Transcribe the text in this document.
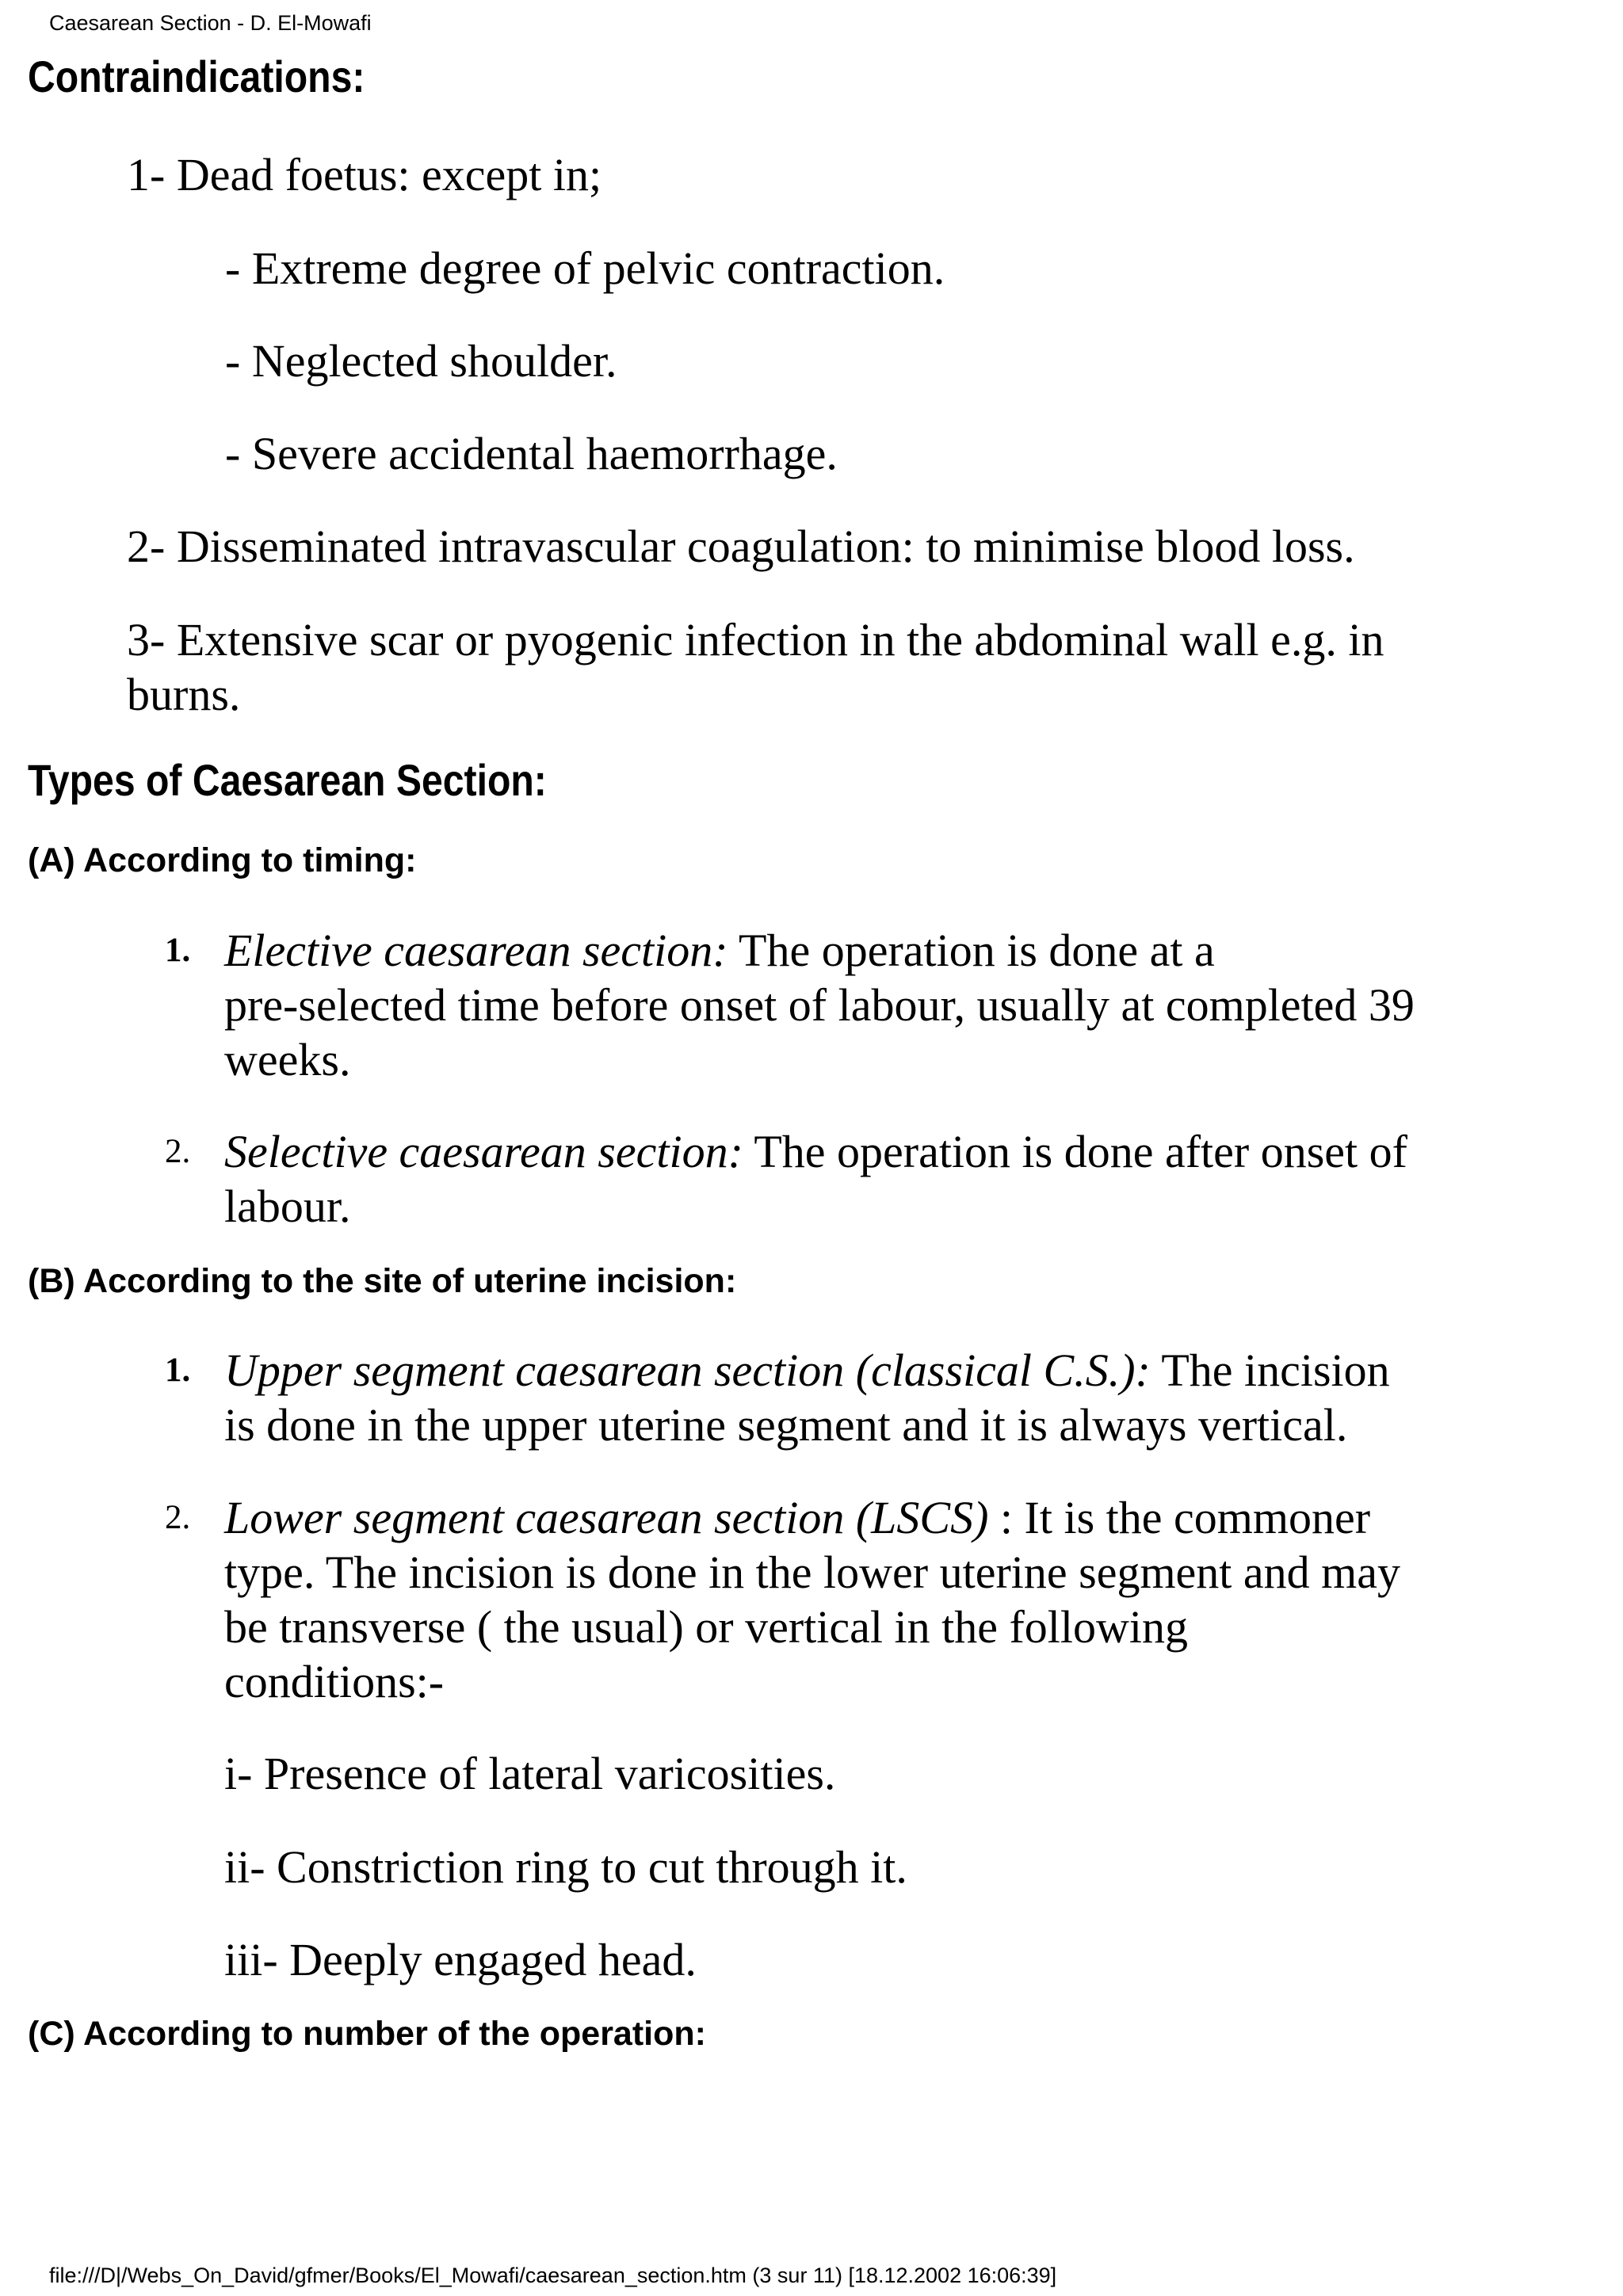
Caesarean Section - D. El-Mowafi
Contraindications:

1- Dead foetus: except in;

- Extreme degree of pelvic contraction.

- Neglected shoulder.

- Severe accidental haemorrhage.

2- Disseminated intravascular coagulation: to minimise blood loss.

3- Extensive scar or pyogenic infection in the abdominal wall e.g. in

burns.

Types of Caesarean Section:
(A) According to timing:
1. Elective caesarean section: The operation is done at a
pre-selected time before onset of labour, usually at completed 39
weeks.
2. Selective caesarean section: The operation is done after onset of
labour.
(B) According to the site of uterine incision:
1. Upper segment caesarean section (classical C.S.): The incision
is done in the upper uterine segment and it is always vertical.
2. Lower segment caesarean section (LSCS) : It is the commoner
type. The incision is done in the lower uterine segment and may
be transverse ( the usual) or vertical in the following
conditions:-

i- Presence of lateral varicosities.

ii- Constriction ring to cut through it.

iii- Deeply engaged head.

(C) According to number of the operation:
file:///D|/Webs_On_David/gfmer/Books/El_Mowafi/caesarean_section.htm (3 sur 11) [18.12.2002 16:06:39]
